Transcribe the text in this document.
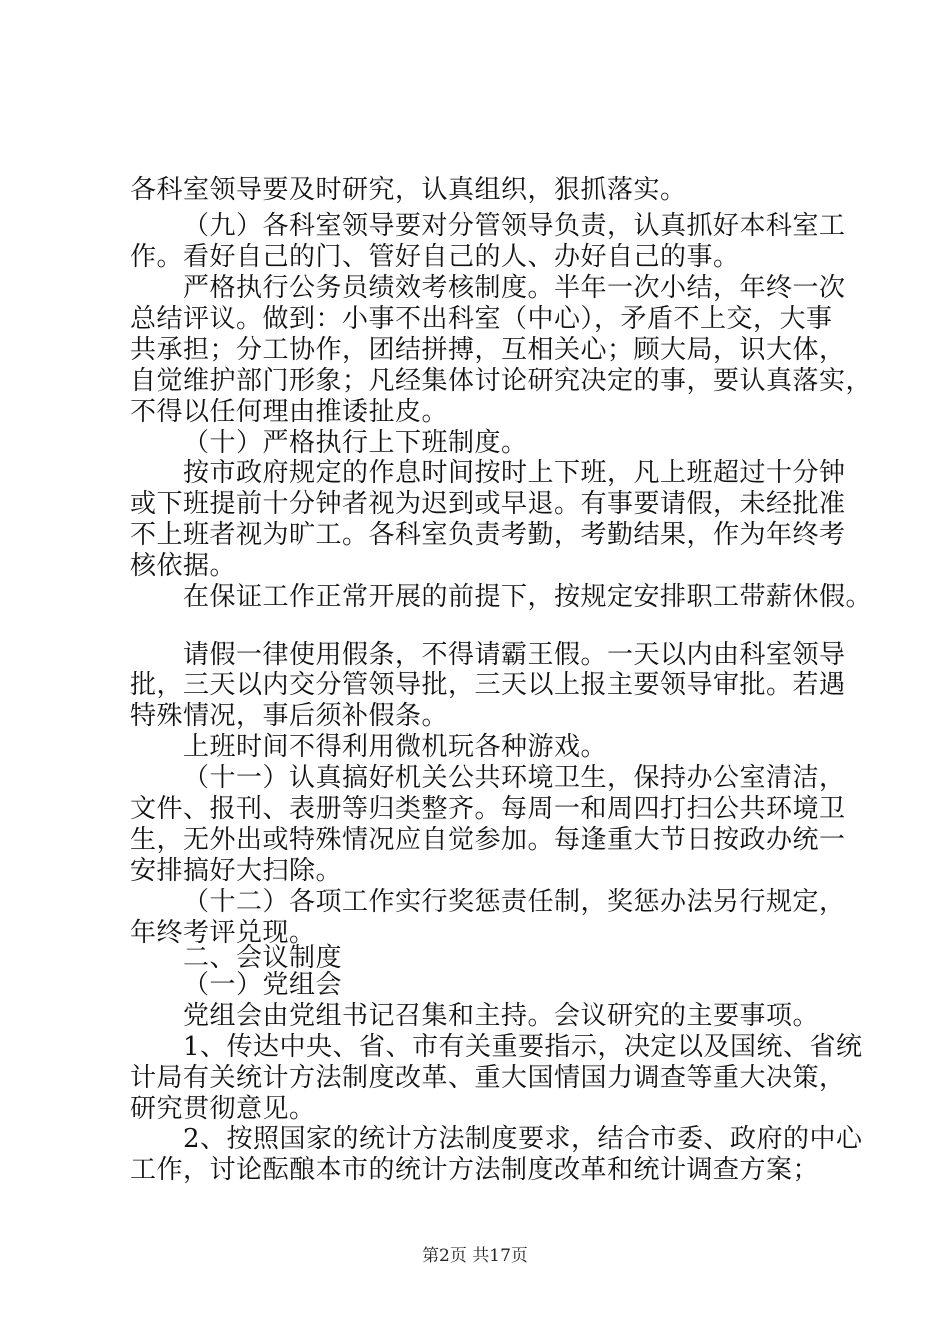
各科室领导要及时研究，认真组织，狠抓落实。
（九）各科室领导要对分管领导负责，认真抓好本科室工
作。看好自己的门、管好自己的人、办好自己的事。
严格执行公务员绩效考核制度。半年一次小结，年终一次
总结评议。做到：小事不出科室（中心），矛盾不上交，大事
共承担；分工协作，团结拼搏，互相关心；顾大局，识大体，
自觉维护部门形象；凡经集体讨论研究决定的事，要认真落实，
不得以任何理由推诿扯皮。
（十）严格执行上下班制度。
按市政府规定的作息时间按时上下班，凡上班超过十分钟
或下班提前十分钟者视为迟到或早退。有事要请假，未经批准
不上班者视为旷工。各科室负责考勤，考勤结果，作为年终考
核依据。
在保证工作正常开展的前提下，按规定安排职工带薪休假。
请假一律使用假条，不得请霸王假。一天以内由科室领导
批，三天以内交分管领导批，三天以上报主要领导审批。若遇
特殊情况，事后须补假条。
上班时间不得利用微机玩各种游戏。
（十一）认真搞好机关公共环境卫生，保持办公室清洁，
文件、报刊、表册等归类整齐。每周一和周四打扫公共环境卫
生，无外出或特殊情况应自觉参加。每逢重大节日按政办统一
安排搞好大扫除。
（十二）各项工作实行奖惩责任制，奖惩办法另行规定，
年终考评兑现。
二、会议制度
（一）党组会
党组会由党组书记召集和主持。会议研究的主要事项。
1、传达中央、省、市有关重要指示，决定以及国统、省统
计局有关统计方法制度改革、重大国情国力调查等重大决策，
研究贯彻意见。
2、按照国家的统计方法制度要求，结合市委、政府的中心
工作，讨论酝酿本市的统计方法制度改革和统计调查方案；
第2页 共17页
